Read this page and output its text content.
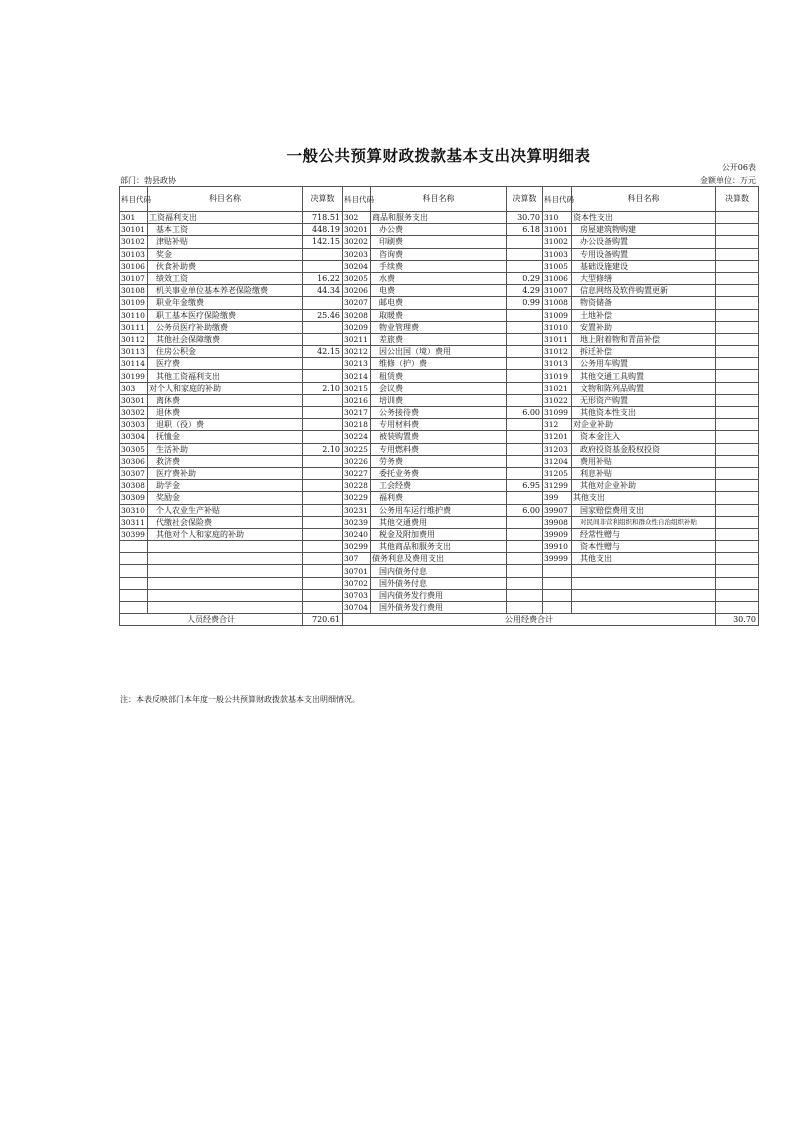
一般公共预算财政拨款基本支出决算明细表
公开06表
部门：勃县政协	金额单位：万元
科目代码	科目名称	决算数	科目代码	科目名称	决算数	科目代码	科目名称	决算数
301	工资福利支出	718.51	302	商品和服务支出	30.70	310	资本性支出	
30101	基本工资	448.19	30201	办公费	6.18	31001	房屋建筑物购建	
30102	津贴补贴	142.15	30202	印刷费		31002	办公设备购置	
30103	奖金		30203	咨询费		31003	专用设备购置	
30106	伙食补助费		30204	手续费		31005	基础设施建设	
30107	绩效工资	16.22	30205	水费	0.29	31006	大型修缮	
30108	机关事业单位基本养老保险缴费	44.34	30206	电费	4.29	31007	信息网络及软件购置更新	
30109	职业年金缴费		30207	邮电费	0.99	31008	物资储备	
30110	职工基本医疗保险缴费	25.46	30208	取暖费		31009	土地补偿	
30111	公务员医疗补助缴费		30209	物业管理费		31010	安置补助	
30112	其他社会保障缴费		30211	差旅费		31011	地上附着物和青苗补偿	
30113	住房公积金	42.15	30212	因公出国（境）费用		31012	拆迁补偿	
30114	医疗费		30213	维修（护）费		31013	公务用车购置	
30199	其他工资福利支出		30214	租赁费		31019	其他交通工具购置	
303	对个人和家庭的补助	2.10	30215	会议费		31021	文物和陈列品购置	
30301	离休费		30216	培训费		31022	无形资产购置	
30302	退休费		30217	公务接待费	6.00	31099	其他资本性支出	
30303	退职（役）费		30218	专用材料费		312	对企业补助	
30304	抚恤金		30224	被装购置费		31201	资本金注入	
30305	生活补助	2.10	30225	专用燃料费		31203	政府投资基金股权投资	
30306	救济费		30226	劳务费		31204	费用补贴	
30307	医疗费补助		30227	委托业务费		31205	利息补贴	
30308	助学金		30228	工会经费	6.95	31299	其他对企业补助	
30309	奖励金		30229	福利费		399	其他支出	
30310	个人农业生产补贴		30231	公务用车运行维护费	6.00	39907	国家赔偿费用支出	
30311	代缴社会保险费		30239	其他交通费用		39908	对民间非营利组织和群众性自治组织补贴	
30399	其他对个人和家庭的补助		30240	税金及附加费用		39909	经常性赠与	
			30299	其他商品和服务支出		39910	资本性赠与	
			307	债务利息及费用支出		39999	其他支出	
			30701	国内债务付息				
			30702	国外债务付息				
			30703	国内债务发行费用				
			30704	国外债务发行费用				
人员经费合计		720.61	公用经费合计					30.70
注：本表反映部门本年度一般公共预算财政拨款基本支出明细情况。
